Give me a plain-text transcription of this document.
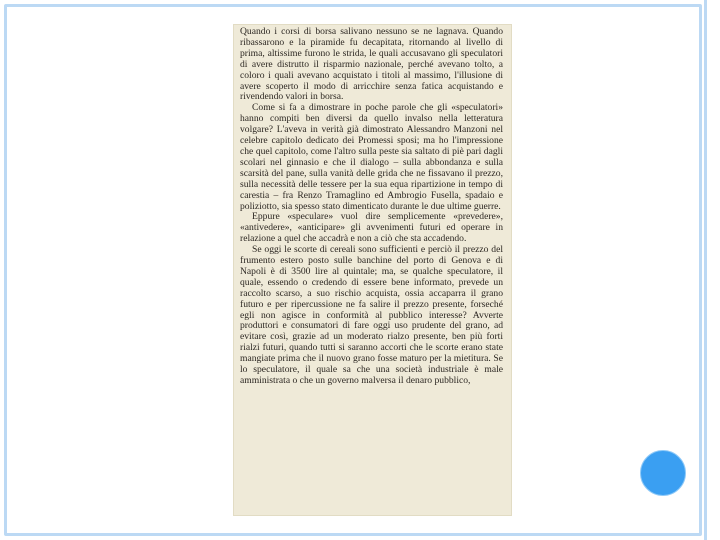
Quando i corsi di borsa salivano nessuno se ne lagnava. Quando ribassarono e la piramide fu decapitata, ritornando al livello di prima, altissime furono le strida, le quali accusavano gli speculatori di avere distrutto il risparmio nazionale, perché avevano tolto, a coloro i quali avevano acquistato i titoli al massimo, l'illusione di avere scoperto il modo di arricchire senza fatica acquistando e rivendendo valori in borsa.

Come si fa a dimostrare in poche parole che gli «speculatori» hanno compiti ben diversi da quello invalso nella letteratura volgare? L'aveva in verità già dimostrato Alessandro Manzoni nel celebre capitolo dedicato dei Promessi sposi; ma ho l'impressione che quel capitolo, come l'altro sulla peste sia saltato di piè pari dagli scolari nel ginnasio e che il dialogo – sulla abbondanza e sulla scarsità del pane, sulla vanità delle grida che ne fissavano il prezzo, sulla necessità delle tessere per la sua equa ripartizione in tempo di carestia – fra Renzo Tramaglino ed Ambrogio Fusella, spadaio e poliziotto, sia spesso stato dimenticato durante le due ultime guerre.

Eppure «speculare» vuol dire semplicemente «prevedere», «antivedere», «anticipare» gli avvenimenti futuri ed operare in relazione a quel che accadrà e non a ciò che sta accadendo.

Se oggi le scorte di cereali sono sufficienti e perciò il prezzo del frumento estero posto sulle banchine del porto di Genova e di Napoli è di 3500 lire al quintale; ma, se qualche speculatore, il quale, essendo o credendo di essere bene informato, prevede un raccolto scarso, a suo rischio acquista, ossia accaparra il grano futuro e per ripercussione ne fa salire il prezzo presente, forseché egli non agisce in conformità al pubblico interesse? Avverte produttori e consumatori di fare oggi uso prudente del grano, ad evitare così, grazie ad un moderato rialzo presente, ben più forti rialzi futuri, quando tutti si saranno accorti che le scorte erano state mangiate prima che il nuovo grano fosse maturo per la mietitura. Se lo speculatore, il quale sa che una società industriale è male amministrata o che un governo malversa il denaro pubblico,
